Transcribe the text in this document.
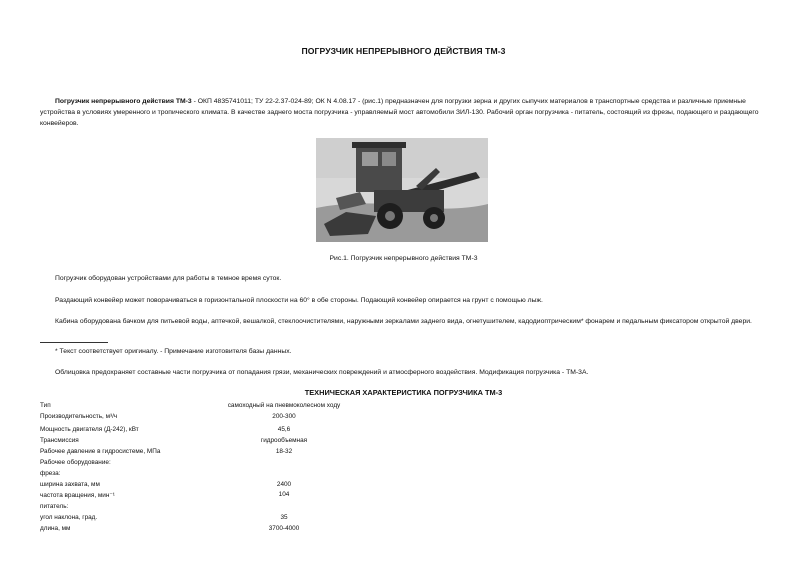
ПОГРУЗЧИК НЕПРЕРЫВНОГО ДЕЙСТВИЯ ТМ-3
Погрузчик непрерывного действия ТМ-3 - ОКП 4835741011; ТУ 22-2.37-024-89; ОК N 4.08.17 - (рис.1) предназначен для погрузки зерна и других сыпучих материалов в транспортные средства и различные приемные устройства в условиях умеренного и тропического климата. В качестве заднего моста погрузчика - управляемый мост автомобили ЗИЛ-130. Рабочий орган погрузчика - питатель, состоящий из фрезы, подающего и раздающего конвейеров.
Рис.1. Погрузчик непрерывного действия ТМ-3
Погрузчик оборудован устройствами для работы в темное время суток.
Раздающий конвейер может поворачиваться в горизонтальной плоскости на 60° в обе стороны. Подающий конвейер опирается на грунт с помощью лыж.
Кабина оборудована бачком для питьевой воды, аптечкой, вешалкой, стеклоочистителями, наружными зеркалами заднего вида, огнетушителем, кадодиоптрическим* фонарем и педальным фиксатором открытой двери.
* Текст соответствует оригиналу. - Примечание изготовителя базы данных.
Облицовка предохраняет составные части погрузчика от попадания грязи, механических повреждений и атмосферного воздействия. Модификация погрузчика - ТМ-3А.
ТЕХНИЧЕСКАЯ ХАРАКТЕРИСТИКА ПОГРУЗЧИКА ТМ-3
Тип	самоходный на пневмоколесном ходу
Производительность, м³/ч	200-300
Мощность двигателя (Д-242), кВт	45,6
Трансмиссия	гидрообъемная
Рабочее давление в гидросистеме, МПа	18-32
Рабочее оборудование:
фреза:
ширина захвата, мм	2400
частота вращения, мин⁻¹	104
питатель:
угол наклона, град.	35
длина, мм	3700-4000
